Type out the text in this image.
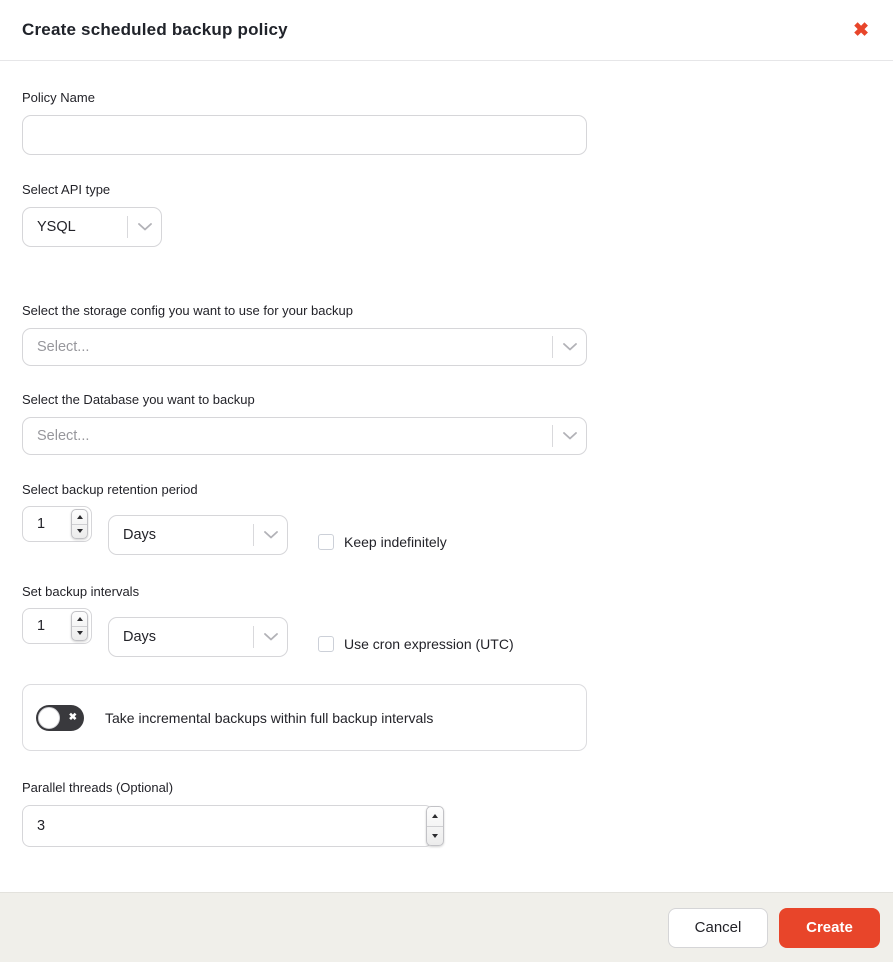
Create scheduled backup policy	✖
Policy Name
Select API type
YSQL
Select the storage config you want to use for your backup
Select...
Select the Database you want to backup
Select...
Select backup retention period
1
Days	Keep indefinitely
Set backup intervals
1
Days	Use cron expression (UTC)
✖ Take incremental backups within full backup intervals
Parallel threads (Optional)
3
Cancel	Create
